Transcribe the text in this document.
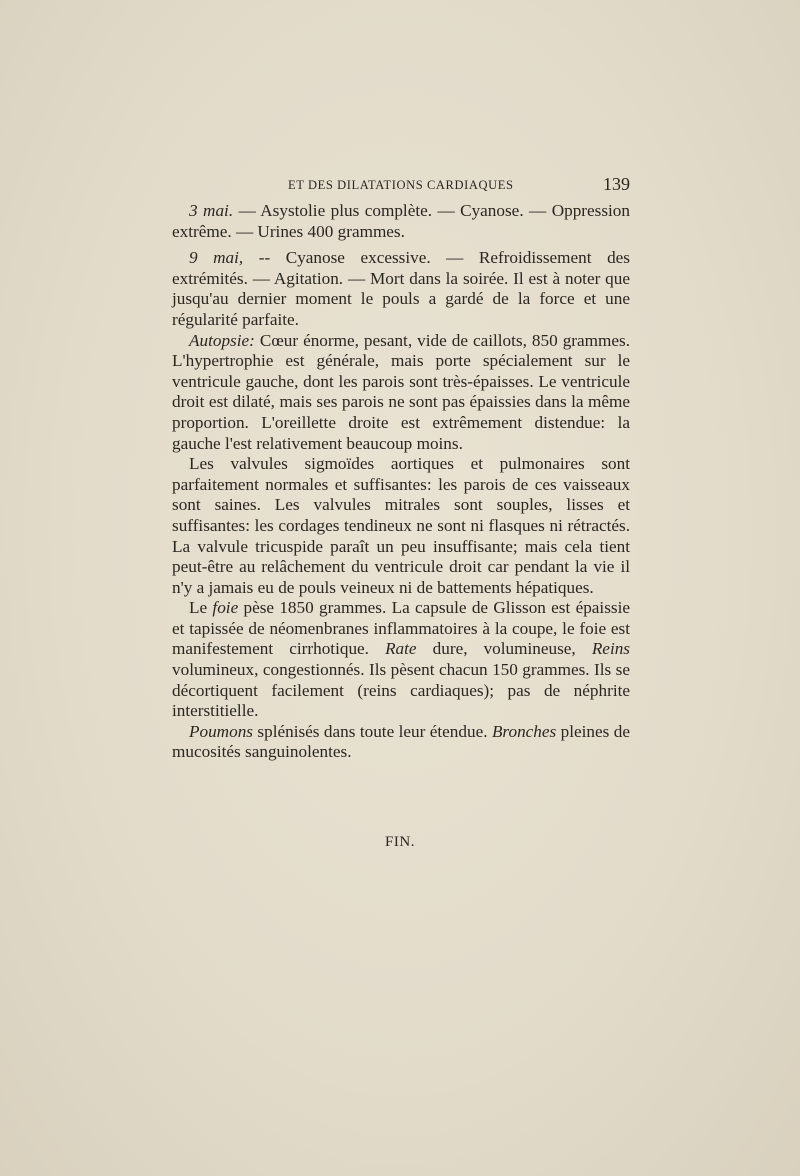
ET DES DILATATIONS CARDIAQUES	139

3 mai. — Asystolie plus complète. — Cyanose. — Oppression extrême. — Urines 400 grammes.

9 mai, -- Cyanose excessive. — Refroidissement des extrémités. — Agitation. — Mort dans la soirée. Il est à noter que jusqu'au dernier moment le pouls a gardé de la force et une régularité parfaite.

Autopsie: Cœur énorme, pesant, vide de caillots, 850 grammes. L'hypertrophie est générale, mais porte spécialement sur le ventricule gauche, dont les parois sont très-épaisses. Le ventricule droit est dilaté, mais ses parois ne sont pas épaissies dans la même proportion. L'oreillette droite est extrêmement distendue: la gauche l'est relativement beaucoup moins.

Les valvules sigmoïdes aortiques et pulmonaires sont parfaitement normales et suffisantes: les parois de ces vaisseaux sont saines. Les valvules mitrales sont souples, lisses et suffisantes: les cordages tendineux ne sont ni flasques ni rétractés. La valvule tricuspide paraît un peu insuffisante; mais cela tient peut-être au relâchement du ventricule droit car pendant la vie il n'y a jamais eu de pouls veineux ni de battements hépatiques.

Le foie pèse 1850 grammes. La capsule de Glisson est épaissie et tapissée de néomenbranes inflammatoires à la coupe, le foie est manifestement cirrhotique. Rate dure, volumineuse, Reins volumineux, congestionnés. Ils pèsent chacun 150 grammes. Ils se décortiquent facilement (reins cardiaques); pas de néphrite interstitielle.

Poumons splénisés dans toute leur étendue. Bronches pleines de mucosités sanguinolentes.

FIN.
